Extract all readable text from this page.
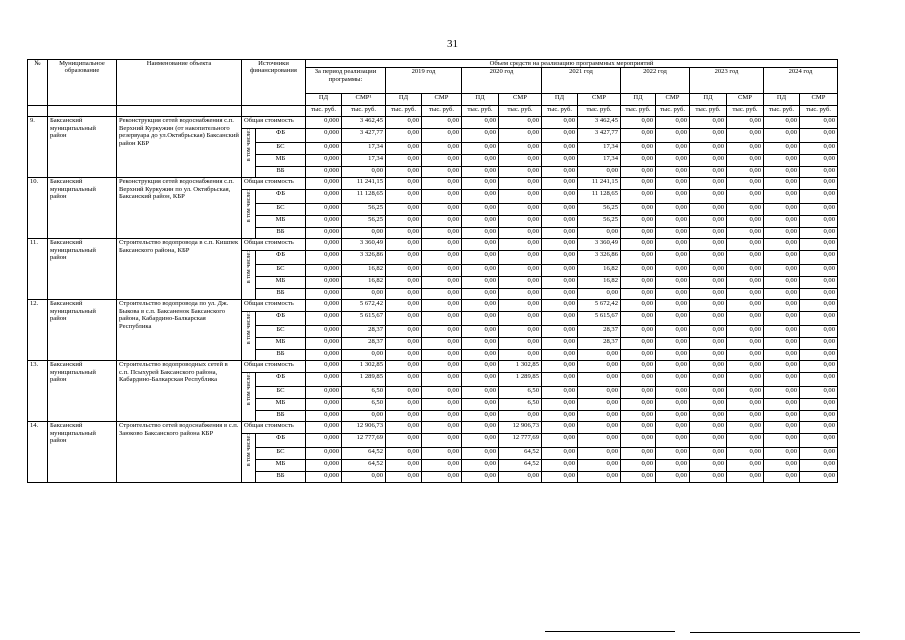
31
№	Муниципальное образование	Наименование объекта	Источники финансирования		Объем средств на реализацию программных мероприятий													
					За период реализации программы:		2019 год		2020 год		2021 год		2022 год		2023 год		2024 год	
					ПД	СМР¹	ПД	СМР	ПД	СМР	ПД	СМР	ПД	СМР	ПД	СМР	ПД	СМР
					тыс. руб.	тыс. руб.	тыс. руб.	тыс. руб.	тыс. руб.	тыс. руб.	тыс. руб.	тыс. руб.	тыс. руб.	тыс. руб.	тыс. руб.	тыс. руб.	тыс. руб.	тыс. руб.
9.	Баксанский муниципальный район	Реконструкция сетей водоснабжения с.п. Верхний Куркужин (от накопительного резервуара до ул.Октябрьская) Баксанский район КБР	Общая стоимость		0,000	3 462,45	0,00	0,00	0,00	0,00	0,00	3 462,45	0,00	0,00	0,00	0,00	0,00	0,00
			в том числе:	ФБ	0,000	3 427,77	0,00	0,00	0,00	0,00	0,00	3 427,77	0,00	0,00	0,00	0,00	0,00	0,00
				БС	0,000	17,34	0,00	0,00	0,00	0,00	0,00	17,34	0,00	0,00	0,00	0,00	0,00	0,00
				МБ	0,000	17,34	0,00	0,00	0,00	0,00	0,00	17,34	0,00	0,00	0,00	0,00	0,00	0,00
				ВБ	0,000	0,00	0,00	0,00	0,00	0,00	0,00	0,00	0,00	0,00	0,00	0,00	0,00	0,00
10.	Баксанский муниципальный район	Реконструкция сетей водоснабжения с.п. Верхний Куркужин по ул. Октябрьская, Баксанский район, КБР	Общая стоимость		0,000	11 241,15	0,00	0,00	0,00	0,00	0,00	11 241,15	0,00	0,00	0,00	0,00	0,00	0,00
			в том числе:	ФБ	0,000	11 128,65	0,00	0,00	0,00	0,00	0,00	11 128,65	0,00	0,00	0,00	0,00	0,00	0,00
				БС	0,000	56,25	0,00	0,00	0,00	0,00	0,00	56,25	0,00	0,00	0,00	0,00	0,00	0,00
				МБ	0,000	56,25	0,00	0,00	0,00	0,00	0,00	56,25	0,00	0,00	0,00	0,00	0,00	0,00
				ВБ	0,000	0,00	0,00	0,00	0,00	0,00	0,00	0,00	0,00	0,00	0,00	0,00	0,00	0,00
11.	Баксанский муниципальный район	Строительство водопровода в с.п. Кишпек Баксанского района, КБР	Общая стоимость		0,000	3 360,49	0,00	0,00	0,00	0,00	0,00	3 360,49	0,00	0,00	0,00	0,00	0,00	0,00
			в том числе:	ФБ	0,000	3 326,86	0,00	0,00	0,00	0,00	0,00	3 326,86	0,00	0,00	0,00	0,00	0,00	0,00
				БС	0,000	16,82	0,00	0,00	0,00	0,00	0,00	16,82	0,00	0,00	0,00	0,00	0,00	0,00
				МБ	0,000	16,82	0,00	0,00	0,00	0,00	0,00	16,82	0,00	0,00	0,00	0,00	0,00	0,00
				ВБ	0,000	0,00	0,00	0,00	0,00	0,00	0,00	0,00	0,00	0,00	0,00	0,00	0,00	0,00
12.	Баксанский муниципальный район	Строительство водопровода по ул. Дж. Быкова в с.п. Баксаненок Баксанского района, Кабардино-Балкарская Республика	Общая стоимость		0,000	5 672,42	0,00	0,00	0,00	0,00	0,00	5 672,42	0,00	0,00	0,00	0,00	0,00	0,00
			в том числе:	ФБ	0,000	5 615,67	0,00	0,00	0,00	0,00	0,00	5 615,67	0,00	0,00	0,00	0,00	0,00	0,00
				БС	0,000	28,37	0,00	0,00	0,00	0,00	0,00	28,37	0,00	0,00	0,00	0,00	0,00	0,00
				МБ	0,000	28,37	0,00	0,00	0,00	0,00	0,00	28,37	0,00	0,00	0,00	0,00	0,00	0,00
				ВБ	0,000	0,00	0,00	0,00	0,00	0,00	0,00	0,00	0,00	0,00	0,00	0,00	0,00	0,00
13.	Баксанский муниципальный район	Строительство водопроводных сетей в с.п. Псыхурей Баксанского района, Кабардино-Балкарская Республика	Общая стоимость		0,000	1 302,85	0,00	0,00	0,00	1 302,85	0,00	0,00	0,00	0,00	0,00	0,00	0,00	0,00
			в том числе:	ФБ	0,000	1 289,85	0,00	0,00	0,00	1 289,85	0,00	0,00	0,00	0,00	0,00	0,00	0,00	0,00
				БС	0,000	6,50	0,00	0,00	0,00	6,50	0,00	0,00	0,00	0,00	0,00	0,00	0,00	0,00
				МБ	0,000	6,50	0,00	0,00	0,00	6,50	0,00	0,00	0,00	0,00	0,00	0,00	0,00	0,00
				ВБ	0,000	0,00	0,00	0,00	0,00	0,00	0,00	0,00	0,00	0,00	0,00	0,00	0,00	0,00
14.	Баксанский муниципальный район	Строительство сетей водоснабжения в с.п. Заюково Баксанского района КБР	Общая стоимость		0,000	12 906,73	0,00	0,00	0,00	12 906,73	0,00	0,00	0,00	0,00	0,00	0,00	0,00	0,00
			в том числе:	ФБ	0,000	12 777,69	0,00	0,00	0,00	12 777,69	0,00	0,00	0,00	0,00	0,00	0,00	0,00	0,00
				БС	0,000	64,52	0,00	0,00	0,00	64,52	0,00	0,00	0,00	0,00	0,00	0,00	0,00	0,00
				МБ	0,000	64,52	0,00	0,00	0,00	64,52	0,00	0,00	0,00	0,00	0,00	0,00	0,00	0,00
				ВБ	0,000	0,00	0,00	0,00	0,00	0,00	0,00	0,00	0,00	0,00	0,00	0,00	0,00	0,00
